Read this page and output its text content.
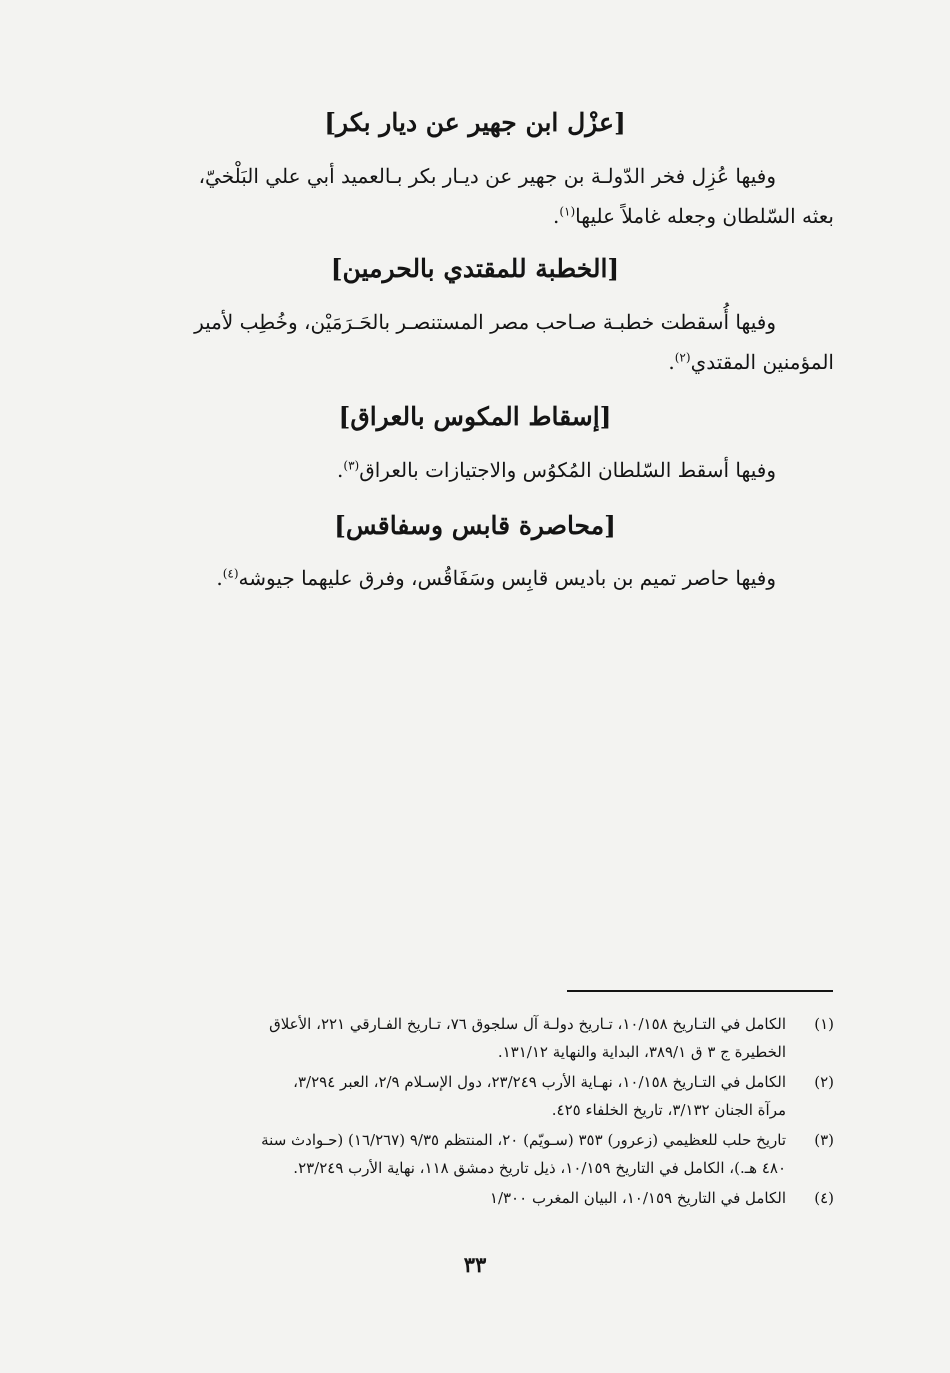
[عزْل ابن جهير عن ديار بكر]
وفيها عُزِل فخر الدّولـة بن جهير عن ديـار بكر بـالعميد أبي علي البَلْخيّ،
بعثه السّلطان وجعله غاملاً عليها$^{(١)}$.
[الخطبة للمقتدي بالحرمين]
وفيها أُسقطت خطبـة صـاحب مصر المستنصـر بالحَـرَمَيْن، وخُطِب لأمير
المؤمنين المقتدي$^{(٢)}$.
[إسقاط المكوس بالعراق]
وفيها أسقط السّلطان المُكوُس والاجتيازات بالعراق$^{(٣)}$.
[محاصرة قابس وسفاقس]
وفيها حاصر تميم بن باديس قابِس وسَفَاقُس، وفرق عليهما جيوشه$^{(٤)}$.
(١)
الكامل في التـاريخ ١٠/١٥٨، تـاريخ دولـة آل سلجوق ٧٦، تـاريخ الفـارقي ٢٢١، الأعلاق
الخطيرة ج ٣ ق ٣٨٩/١، البداية والنهاية ١٣١/١٢.
(٢)
الكامل في التـاريخ ١٠/١٥٨، نهـاية الأرب ٢٣/٢٤٩، دول الإسـلام ٢/٩، العبر ٣/٢٩٤،
مرآة الجنان ٣/١٣٢، تاريخ الخلفاء ٤٢٥.
(٣)
تاريخ حلب للعظيمي (زعرور) ٣٥٣ (سـويّم) ٢٠، المنتظم ٩/٣٥ (١٦/٢٦٧) (حـوادث سنة
٤٨٠ هـ.)، الكامل في التاريخ ١٠/١٥٩، ذيل تاريخ دمشق ١١٨، نهاية الأرب ٢٣/٢٤٩.
(٤)
الكامل في التاريخ ١٠/١٥٩، البيان المغرب ١/٣٠٠
٣٣
